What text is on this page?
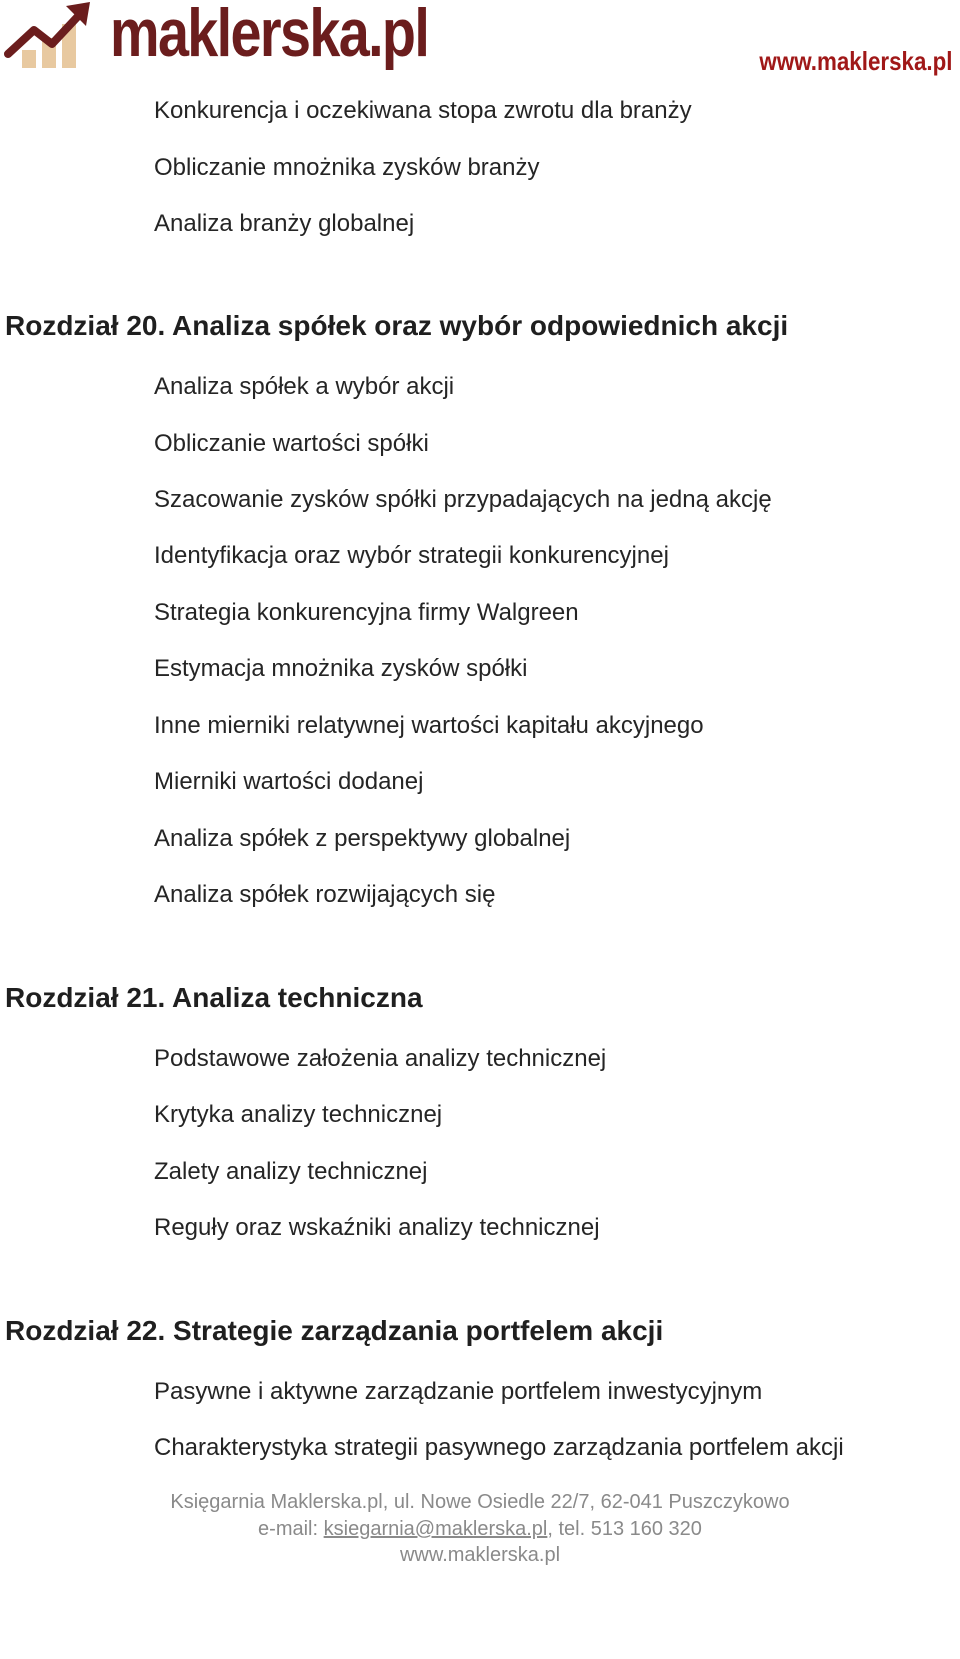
maklerska.pl	www.maklerska.pl
Konkurencja i oczekiwana stopa zwrotu dla branży
Obliczanie mnożnika zysków branży
Analiza branży globalnej
Rozdział 20. Analiza spółek oraz wybór odpowiednich akcji
Analiza spółek a wybór akcji
Obliczanie wartości spółki
Szacowanie zysków spółki przypadających na jedną akcję
Identyfikacja oraz wybór strategii konkurencyjnej
Strategia konkurencyjna firmy Walgreen
Estymacja mnożnika zysków spółki
Inne mierniki relatywnej wartości kapitału akcyjnego
Mierniki wartości dodanej
Analiza spółek z perspektywy globalnej
Analiza spółek rozwijających się
Rozdział 21. Analiza techniczna
Podstawowe założenia analizy technicznej
Krytyka analizy technicznej
Zalety analizy technicznej
Reguły oraz wskaźniki analizy technicznej
Rozdział 22. Strategie zarządzania portfelem akcji
Pasywne i aktywne zarządzanie portfelem inwestycyjnym
Charakterystyka strategii pasywnego zarządzania portfelem akcji
Księgarnia Maklerska.pl, ul. Nowe Osiedle 22/7, 62-041 Puszczykowo
e-mail: ksiegarnia@maklerska.pl, tel. 513 160 320
www.maklerska.pl
